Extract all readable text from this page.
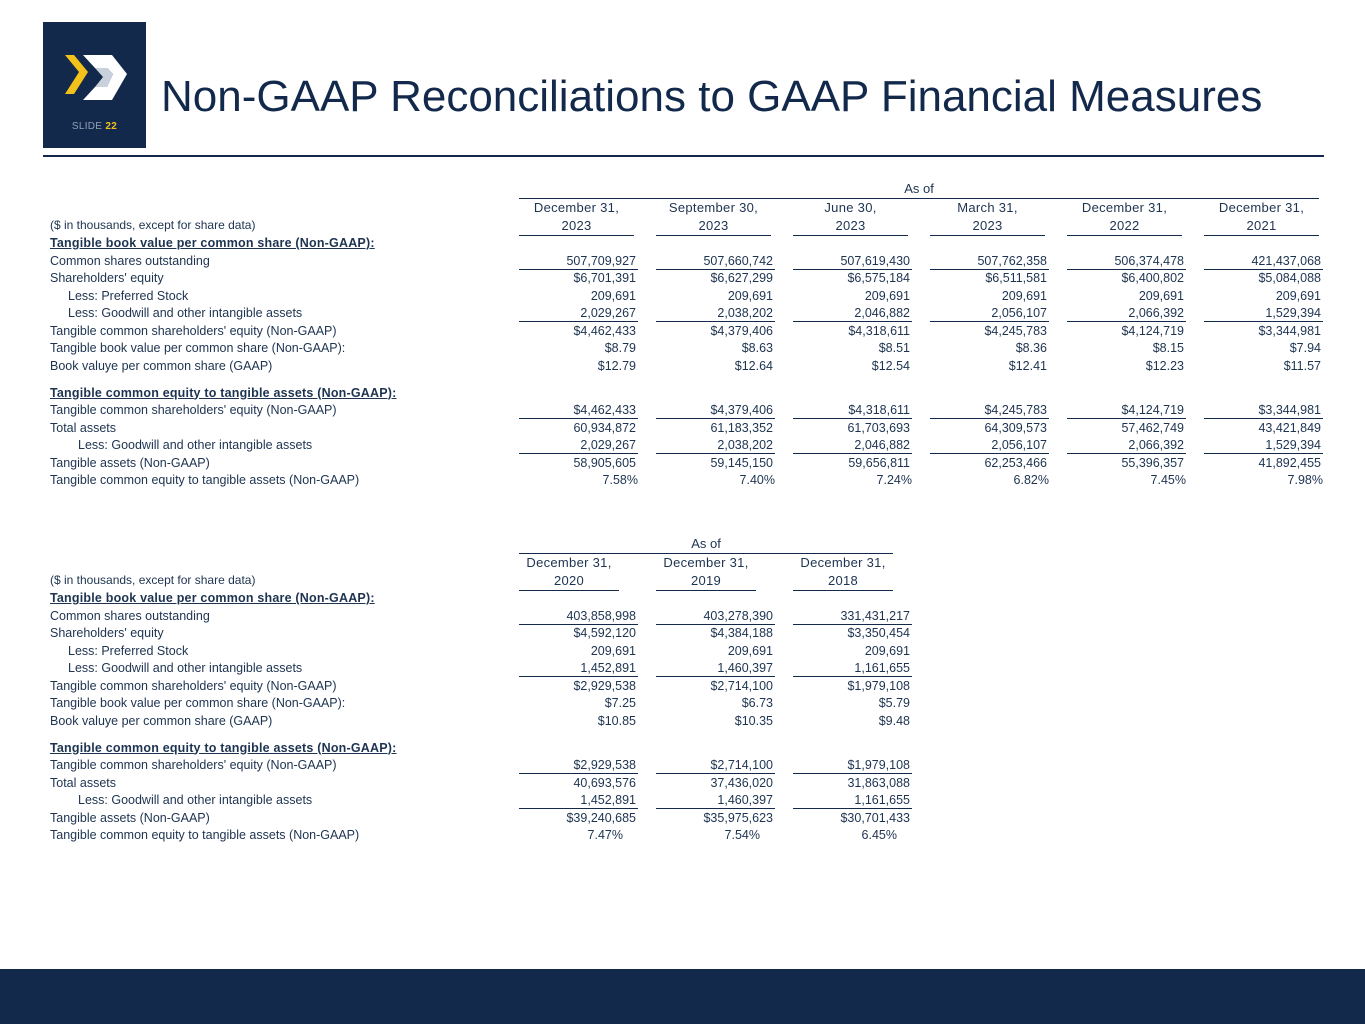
SLIDE 22
Non-GAAP Reconciliations to GAAP Financial Measures
As of
December 31,
2023
September 30,
2023
June 30,
2023
March 31,
2023
December 31,
2022
December 31,
2021
($ in thousands, except for share data)
Tangible book value per common share (Non-GAAP):
Common shares outstanding	507,709,927	507,660,742	507,619,430	507,762,358	506,374,478	421,437,068
Shareholders' equity	$6,701,391	$6,627,299	$6,575,184	$6,511,581	$6,400,802	$5,084,088
Less: Preferred Stock	209,691	209,691	209,691	209,691	209,691	209,691
Less: Goodwill and other intangible assets	2,029,267	2,038,202	2,046,882	2,056,107	2,066,392	1,529,394
Tangible common shareholders' equity (Non-GAAP)	$4,462,433	$4,379,406	$4,318,611	$4,245,783	$4,124,719	$3,344,981
Tangible book value per common share (Non-GAAP):	$8.79	$8.63	$8.51	$8.36	$8.15	$7.94
Book valuye per common share (GAAP)	$12.79	$12.64	$12.54	$12.41	$12.23	$11.57
Tangible common equity to tangible assets (Non-GAAP):
Tangible common shareholders' equity (Non-GAAP)	$4,462,433	$4,379,406	$4,318,611	$4,245,783	$4,124,719	$3,344,981
Total assets	60,934,872	61,183,352	61,703,693	64,309,573	57,462,749	43,421,849
Less: Goodwill and other intangible assets	2,029,267	2,038,202	2,046,882	2,056,107	2,066,392	1,529,394
Tangible assets (Non-GAAP)	58,905,605	59,145,150	59,656,811	62,253,466	55,396,357	41,892,455
Tangible common equity to tangible assets (Non-GAAP)	7.58%	7.40%	7.24%	6.82%	7.45%	7.98%
As of
December 31,
2020
December 31,
2019
December 31,
2018
($ in thousands, except for share data)
Tangible book value per common share (Non-GAAP):
Common shares outstanding	403,858,998	403,278,390	331,431,217
Shareholders' equity	$4,592,120	$4,384,188	$3,350,454
Less: Preferred Stock	209,691	209,691	209,691
Less: Goodwill and other intangible assets	1,452,891	1,460,397	1,161,655
Tangible common shareholders' equity (Non-GAAP)	$2,929,538	$2,714,100	$1,979,108
Tangible book value per common share (Non-GAAP):	$7.25	$6.73	$5.79
Book valuye per common share (GAAP)	$10.85	$10.35	$9.48
Tangible common equity to tangible assets (Non-GAAP):
Tangible common shareholders' equity (Non-GAAP)	$2,929,538	$2,714,100	$1,979,108
Total assets	40,693,576	37,436,020	31,863,088
Less: Goodwill and other intangible assets	1,452,891	1,460,397	1,161,655
Tangible assets (Non-GAAP)	$39,240,685	$35,975,623	$30,701,433
Tangible common equity to tangible assets (Non-GAAP)	7.47%	7.54%	6.45%
